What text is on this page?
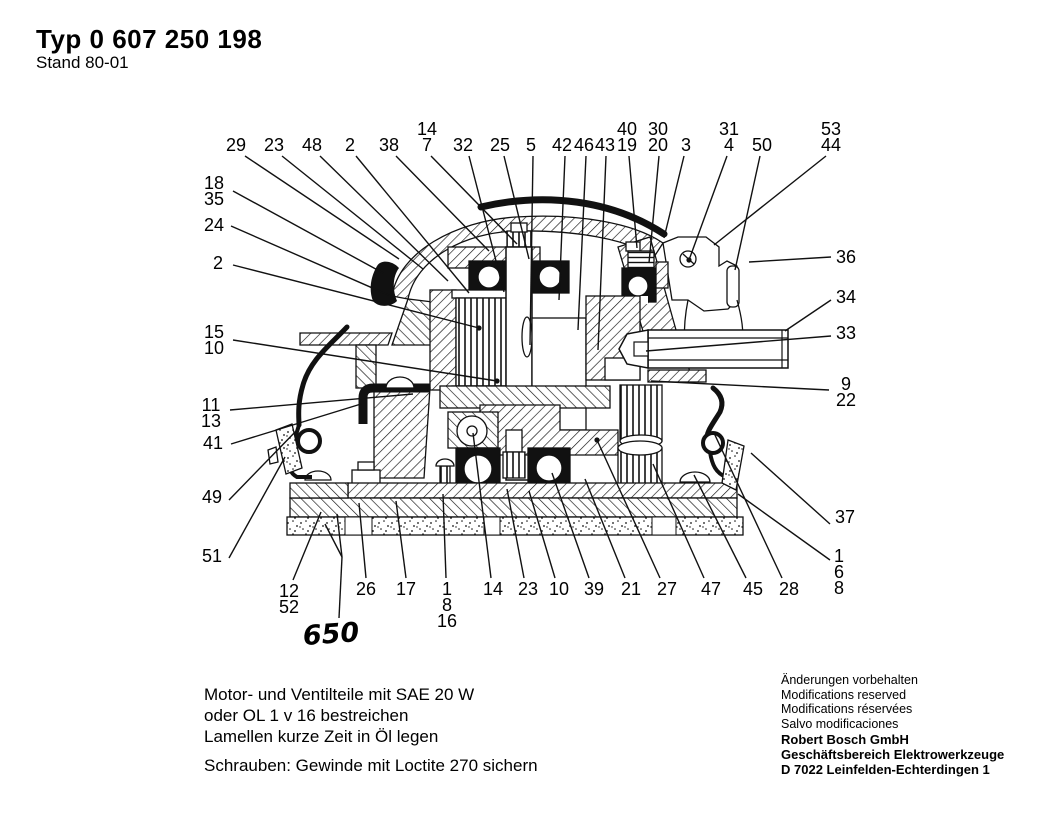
Typ 0 607 250 198
Stand 80-01
29 23 48 2 38
14
7 32 25 5 42 46 43
40
19
30
20 3
31
4 50
53
44
18
35
24
2
15
10
11
13
41
49
51
12
52
26 17 1
8
16
14 23 10 39 21 27 47 45 28
36
34
33
9
22
37
1
6
8
650
Motor- und Ventilteile mit SAE 20 W
oder OL 1 v 16 bestreichen
Lamellen kurze Zeit in Öl legen
Schrauben: Gewinde mit Loctite 270 sichern
Änderungen vorbehalten
Modifications reserved
Modifications réservées
Salvo modificaciones
Robert Bosch GmbH
Geschäftsbereich Elektrowerkzeuge
D 7022 Leinfelden-Echterdingen 1
